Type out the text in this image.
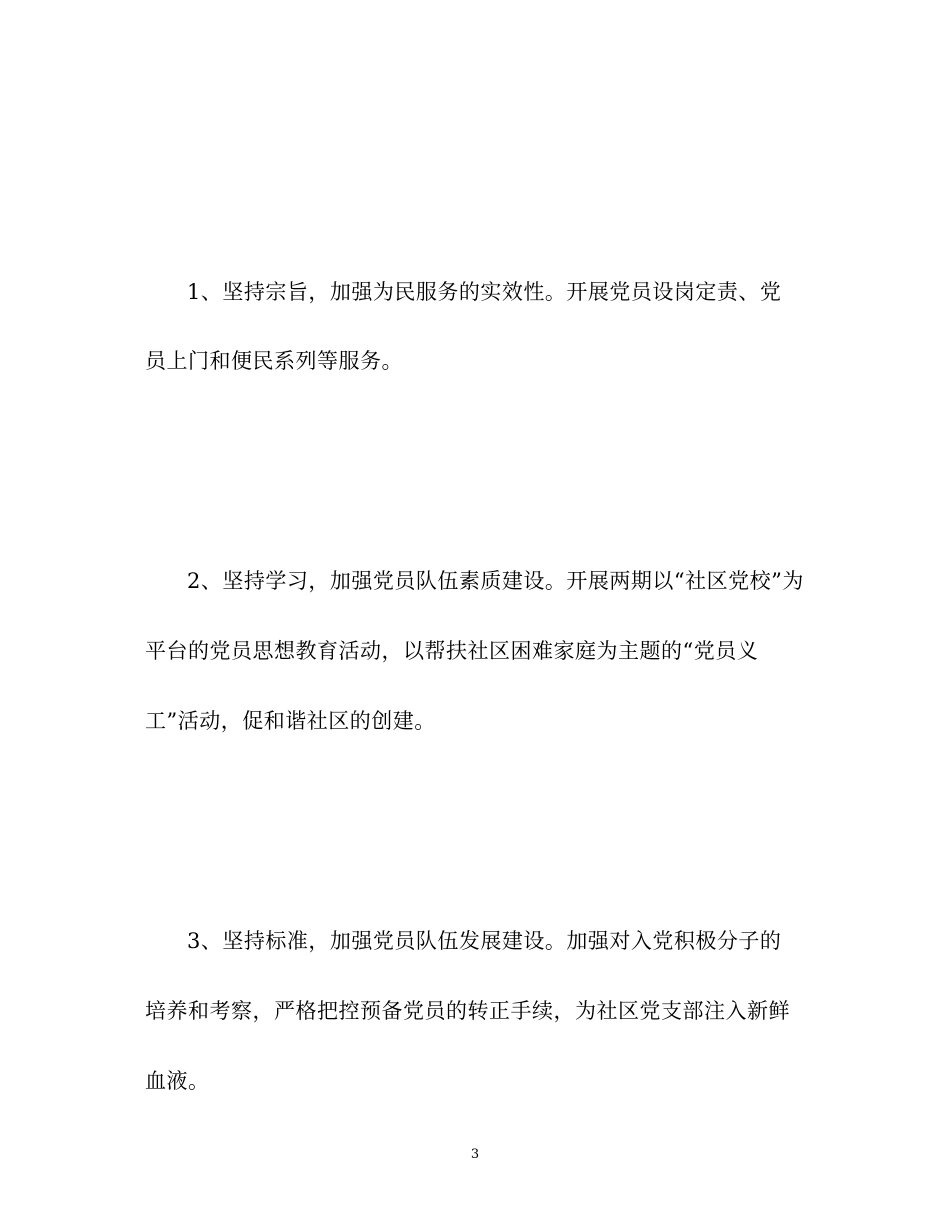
1、坚持宗旨，加强为民服务的实效性。开展党员设岗定责、党
员上门和便民系列等服务。
2、坚持学习，加强党员队伍素质建设。开展两期以“社区党校”为
平台的党员思想教育活动，以帮扶社区困难家庭为主题的“党员义
工”活动，促和谐社区的创建。
3、坚持标准，加强党员队伍发展建设。加强对入党积极分子的
培养和考察，严格把控预备党员的转正手续，为社区党支部注入新鲜
血液。
3
